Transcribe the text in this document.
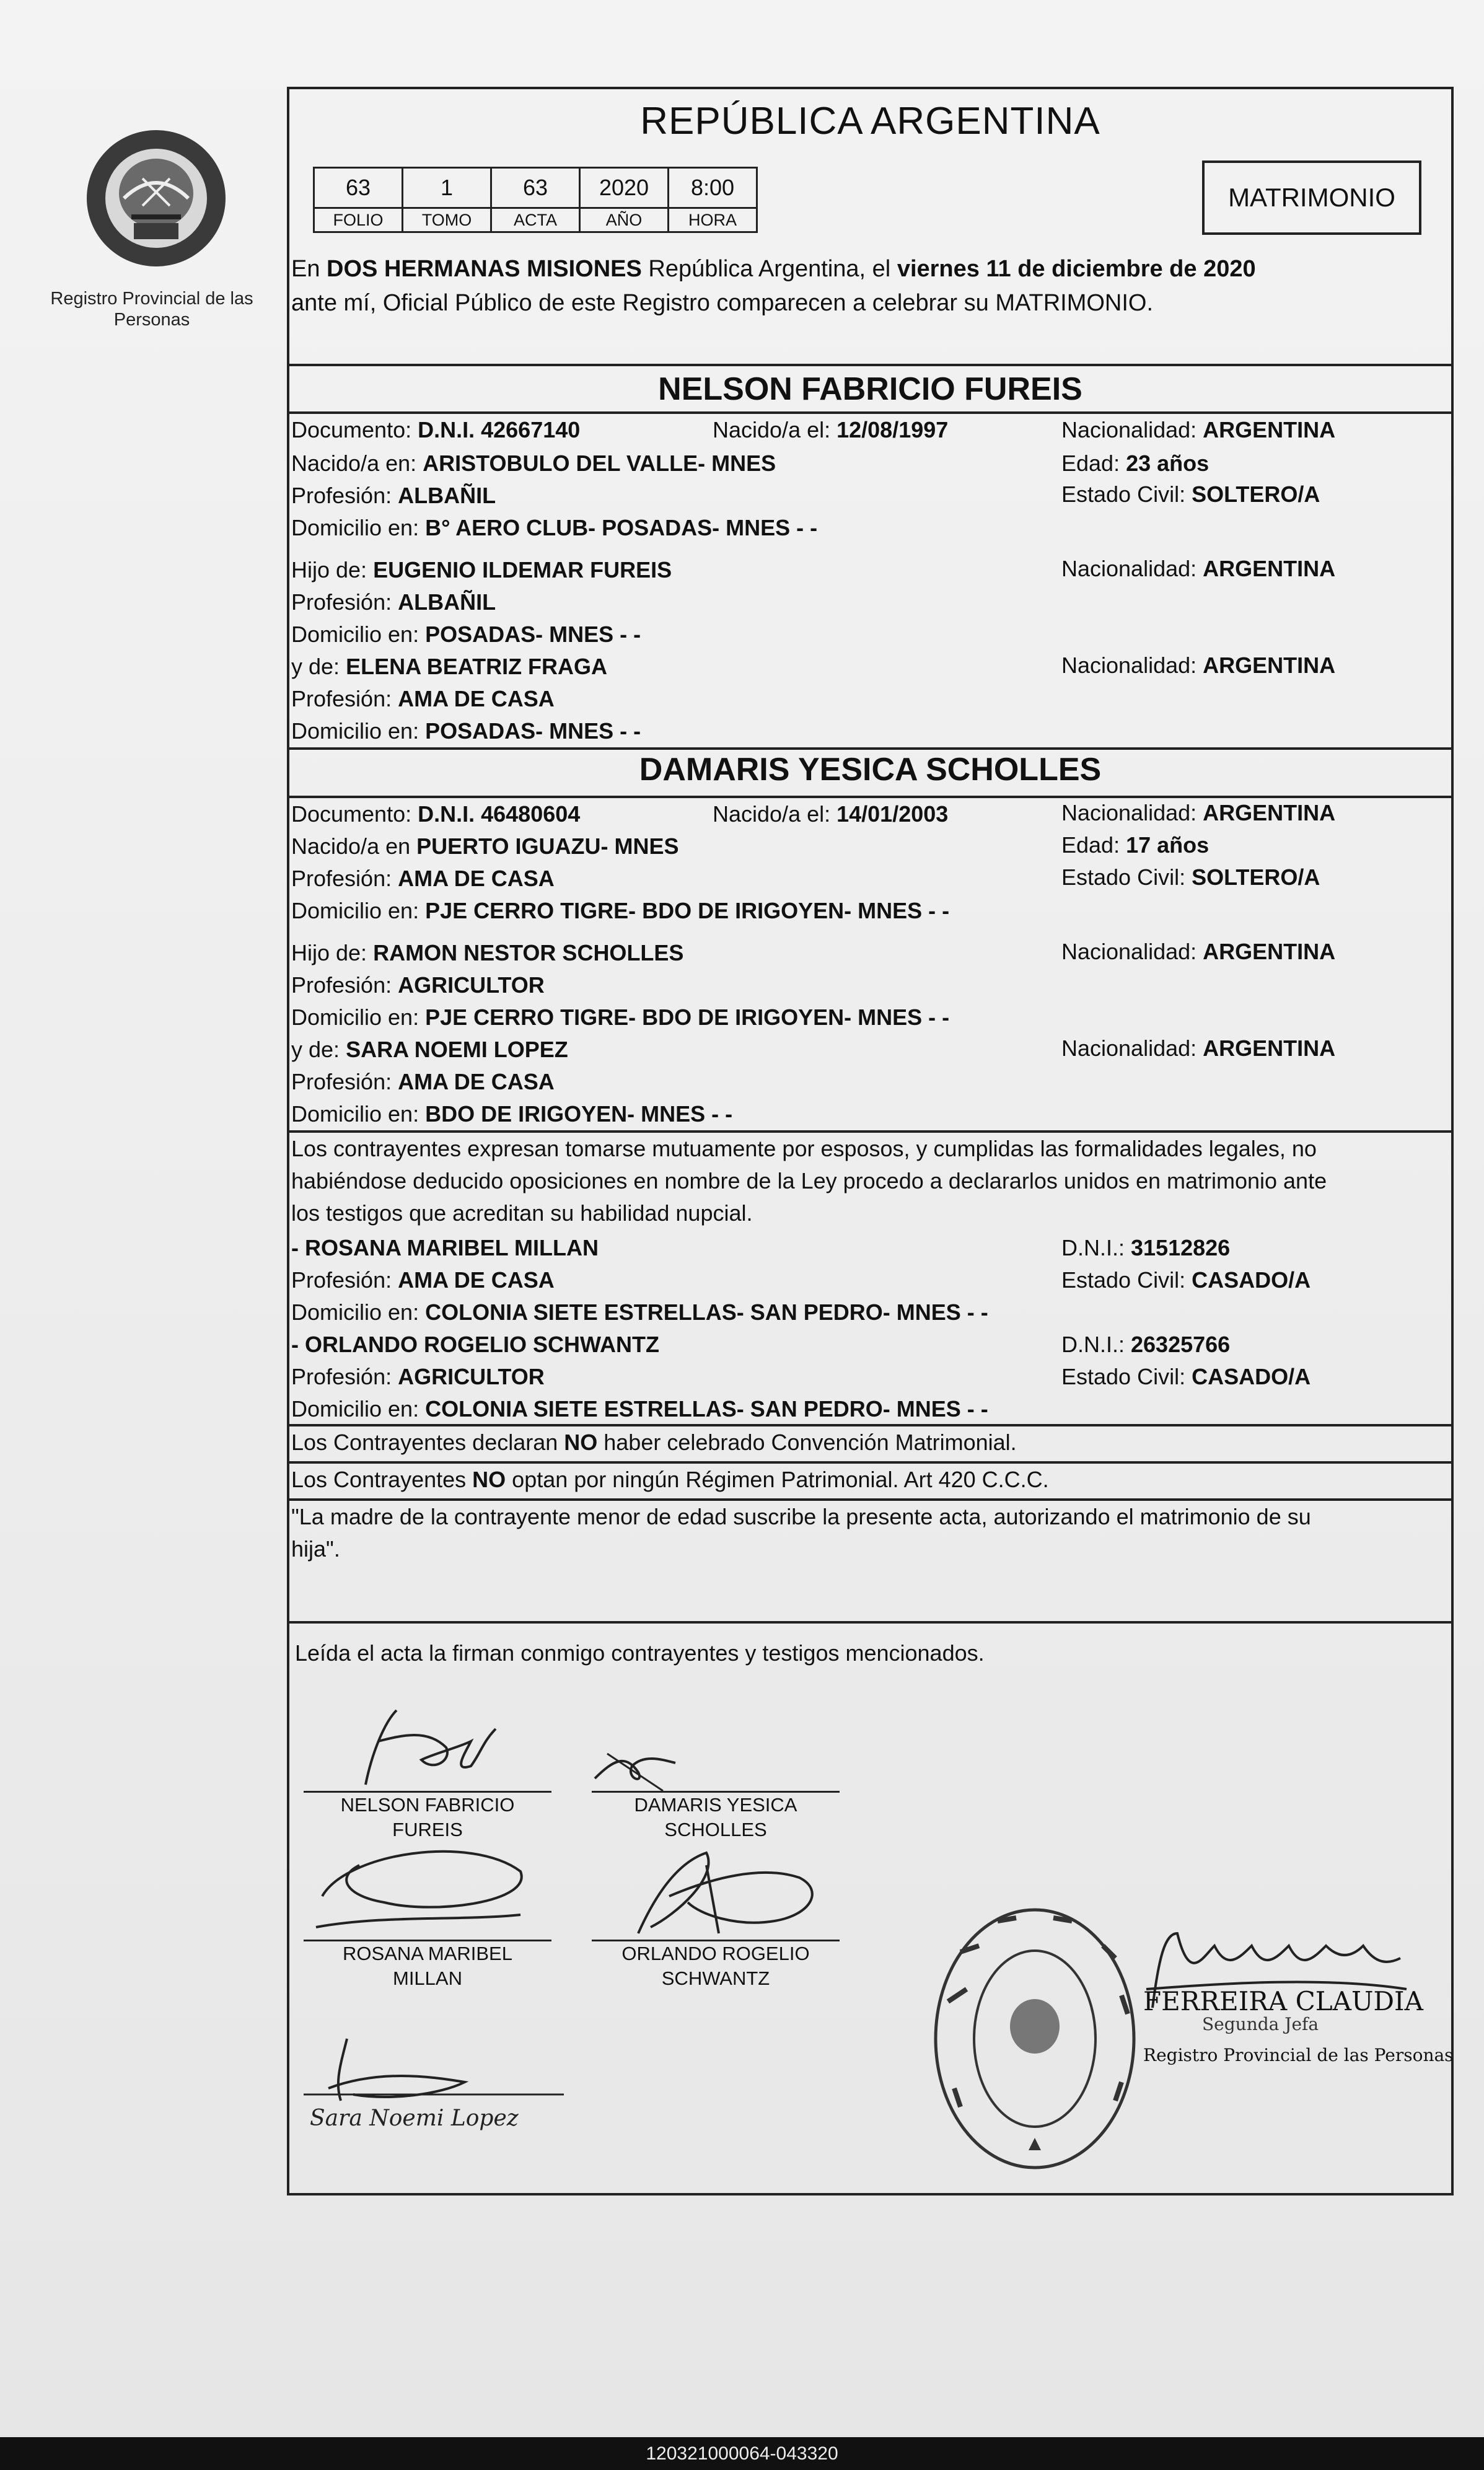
Registro Provincial de las Personas
REPÚBLICA ARGENTINA
63	1	63	2020	8:00
FOLIO	TOMO	ACTA	AÑO	HORA
MATRIMONIO
En DOS HERMANAS MISIONES República Argentina, el viernes 11 de diciembre de 2020
ante mí, Oficial Público de este Registro comparecen a celebrar su MATRIMONIO.
NELSON FABRICIO FUREIS
Documento: D.N.I. 42667140	Nacido/a el: 12/08/1997	Nacionalidad: ARGENTINA
Nacido/a en: ARISTOBULO DEL VALLE- MNES	Edad: 23 años
Profesión: ALBAÑIL	Estado Civil: SOLTERO/A
Domicilio en: B° AERO CLUB- POSADAS- MNES - -
Hijo de: EUGENIO ILDEMAR FUREIS	Nacionalidad: ARGENTINA
Profesión: ALBAÑIL
Domicilio en: POSADAS- MNES - -
y de: ELENA BEATRIZ FRAGA	Nacionalidad: ARGENTINA
Profesión: AMA DE CASA
Domicilio en: POSADAS- MNES - -
DAMARIS YESICA SCHOLLES
Documento: D.N.I. 46480604	Nacido/a el: 14/01/2003	Nacionalidad: ARGENTINA
Nacido/a en PUERTO IGUAZU- MNES	Edad: 17 años
Profesión: AMA DE CASA	Estado Civil: SOLTERO/A
Domicilio en: PJE CERRO TIGRE- BDO DE IRIGOYEN- MNES - -
Hijo de: RAMON NESTOR SCHOLLES	Nacionalidad: ARGENTINA
Profesión: AGRICULTOR
Domicilio en: PJE CERRO TIGRE- BDO DE IRIGOYEN- MNES - -
y de: SARA NOEMI LOPEZ	Nacionalidad: ARGENTINA
Profesión: AMA DE CASA
Domicilio en: BDO DE IRIGOYEN- MNES - -
Los contrayentes expresan tomarse mutuamente por esposos, y cumplidas las formalidades legales, no
habiéndose deducido oposiciones en nombre de la Ley procedo a declararlos unidos en matrimonio ante
los testigos que acreditan su habilidad nupcial.
- ROSANA MARIBEL MILLAN	D.N.I.: 31512826
Profesión: AMA DE CASA	Estado Civil: CASADO/A
Domicilio en: COLONIA SIETE ESTRELLAS- SAN PEDRO- MNES - -
- ORLANDO ROGELIO SCHWANTZ	D.N.I.: 26325766
Profesión: AGRICULTOR	Estado Civil: CASADO/A
Domicilio en: COLONIA SIETE ESTRELLAS- SAN PEDRO- MNES - -
Los Contrayentes declaran NO haber celebrado Convención Matrimonial.
Los Contrayentes NO optan por ningún Régimen Patrimonial. Art 420 C.C.C.
"La madre de la contrayente menor de edad suscribe la presente acta, autorizando el matrimonio de su
hija".
Leída el acta la firman conmigo contrayentes y testigos mencionados.
NELSON FABRICIO
FUREIS
DAMARIS YESICA
SCHOLLES
ROSANA MARIBEL
MILLAN
ORLANDO ROGELIO
SCHWANTZ
Sara Noemi Lopez
FERREIRA CLAUDIA
Segunda Jefa
Registro Provincial de las Personas
120321000064-043320
